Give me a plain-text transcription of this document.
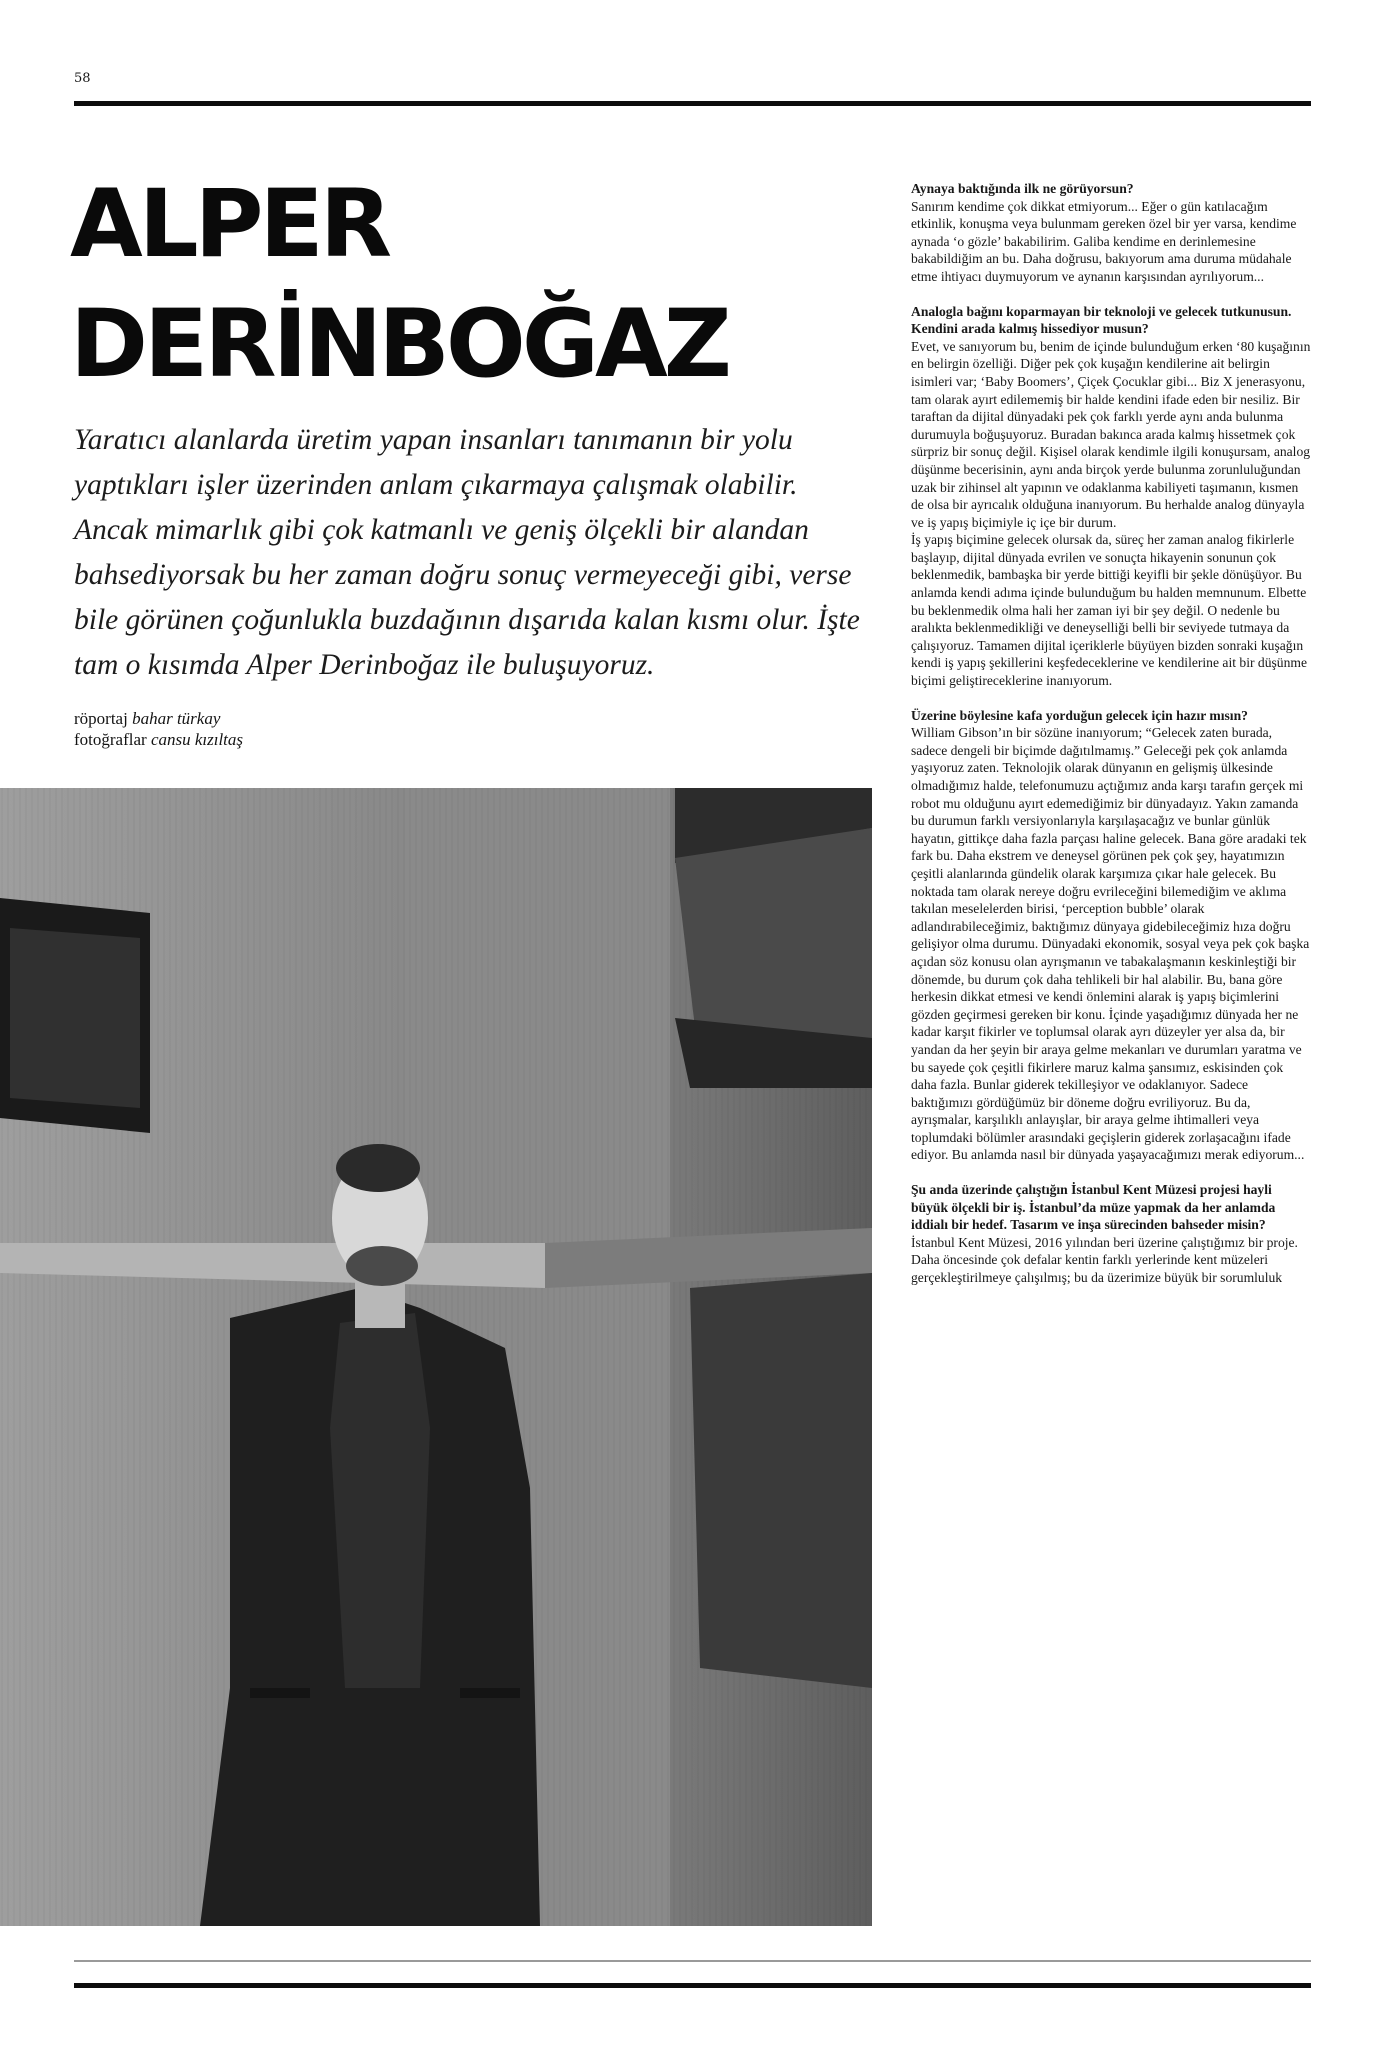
58
ALPER
DERİNBOĞAZ

Yaratıcı alanlarda üretim yapan insanları tanımanın bir yolu yaptıkları işler üzerinden anlam çıkarmaya çalışmak olabilir. Ancak mimarlık gibi çok katmanlı ve geniş ölçekli bir alandan bahsediyorsak bu her zaman doğru sonuç vermeyeceği gibi, verse bile görünen çoğunlukla buzdağının dışarıda kalan kısmı olur. İşte tam o kısımda Alper Derinboğaz ile buluşuyoruz.

röportaj bahar türkay
fotoğraflar cansu kızıltaş

Aynaya baktığında ilk ne görüyorsun?

Sanırım kendime çok dikkat etmiyorum... Eğer o gün katılacağım etkinlik, konuşma veya bulunmam gereken özel bir yer varsa, kendime aynada ‘o gözle’ bakabilirim. Galiba kendime en derinlemesine bakabildiğim an bu. Daha doğrusu, bakıyorum ama duruma müdahale etme ihtiyacı duymuyorum ve aynanın karşısından ayrılıyorum...

Analogla bağını koparmayan bir teknoloji ve gelecek tutkunusun. Kendini arada kalmış hissediyor musun?

Evet, ve sanıyorum bu, benim de içinde bulunduğum erken ‘80 kuşağının en belirgin özelliği. Diğer pek çok kuşağın kendilerine ait belirgin isimleri var; ‘Baby Boomers’, Çiçek Çocuklar gibi... Biz X jenerasyonu, tam olarak ayırt edilememiş bir halde kendini ifade eden bir nesiliz. Bir taraftan da dijital dünyadaki pek çok farklı yerde aynı anda bulunma durumuyla boğuşuyoruz. Buradan bakınca arada kalmış hissetmek çok sürpriz bir sonuç değil. Kişisel olarak kendimle ilgili konuşursam, analog düşünme becerisinin, aynı anda birçok yerde bulunma zorunluluğundan uzak bir zihinsel alt yapının ve odaklanma kabiliyeti taşımanın, kısmen de olsa bir ayrıcalık olduğuna inanıyorum. Bu herhalde analog dünyayla ve iş yapış biçimiyle iç içe bir durum.

İş yapış biçimine gelecek olursak da, süreç her zaman analog fikirlerle başlayıp, dijital dünyada evrilen ve sonuçta hikayenin sonunun çok beklenmedik, bambaşka bir yerde bittiği keyifli bir şekle dönüşüyor. Bu anlamda kendi adıma içinde bulunduğum bu halden memnunum. Elbette bu beklenmedik olma hali her zaman iyi bir şey değil. O nedenle bu aralıkta beklenmedikliği ve deneyselliği belli bir seviyede tutmaya da çalışıyoruz. Tamamen dijital içeriklerle büyüyen bizden sonraki kuşağın kendi iş yapış şekillerini keşfedeceklerine ve kendilerine ait bir düşünme biçimi geliştireceklerine inanıyorum.

Üzerine böylesine kafa yorduğun gelecek için hazır mısın?

William Gibson’ın bir sözüne inanıyorum; “Gelecek zaten burada, sadece dengeli bir biçimde dağıtılmamış.” Geleceği pek çok anlamda yaşıyoruz zaten. Teknolojik olarak dünyanın en gelişmiş ülkesinde olmadığımız halde, telefonumuzu açtığımız anda karşı tarafın gerçek mi robot mu olduğunu ayırt edemediğimiz bir dünyadayız. Yakın zamanda bu durumun farklı versiyonlarıyla karşılaşacağız ve bunlar günlük hayatın, gittikçe daha fazla parçası haline gelecek. Bana göre aradaki tek fark bu. Daha ekstrem ve deneysel görünen pek çok şey, hayatımızın çeşitli alanlarında gündelik olarak karşımıza çıkar hale gelecek. Bu noktada tam olarak nereye doğru evrileceğini bilemediğim ve aklıma takılan meselelerden birisi, ‘perception bubble’ olarak adlandırabileceğimiz, baktığımız dünyaya gidebileceğimiz hıza doğru gelişiyor olma durumu. Dünyadaki ekonomik, sosyal veya pek çok başka

açıdan söz konusu olan ayrışmanın ve tabakalaşmanın keskinleştiği bir dönemde, bu durum çok daha tehlikeli bir hal alabilir. Bu, bana göre herkesin dikkat etmesi ve kendi önlemini alarak iş yapış biçimlerini gözden geçirmesi gereken bir konu. İçinde yaşadığımız dünyada her ne kadar karşıt fikirler ve toplumsal olarak ayrı düzeyler yer alsa da, bir yandan da her şeyin bir araya gelme mekanları ve durumları yaratma ve bu sayede çok çeşitli fikirlere maruz kalma şansımız, eskisinden çok daha fazla. Bunlar giderek tekilleşiyor ve odaklanıyor. Sadece baktığımızı gördüğümüz bir döneme doğru evriliyoruz. Bu da, ayrışmalar, karşılıklı anlayışlar, bir araya gelme ihtimalleri veya toplumdaki bölümler arasındaki geçişlerin giderek zorlaşacağını ifade ediyor. Bu anlamda nasıl bir dünyada yaşayacağımızı merak ediyorum...

Şu anda üzerinde çalıştığın İstanbul Kent Müzesi projesi hayli büyük ölçekli bir iş. İstanbul’da müze yapmak da her anlamda iddialı bir hedef. Tasarım ve inşa sürecinden bahseder misin?

İstanbul Kent Müzesi, 2016 yılından beri üzerine çalıştığımız bir proje. Daha öncesinde çok defalar kentin farklı yerlerinde kent müzeleri gerçekleştirilmeye çalışılmış; bu da üzerimize büyük bir sorumluluk
